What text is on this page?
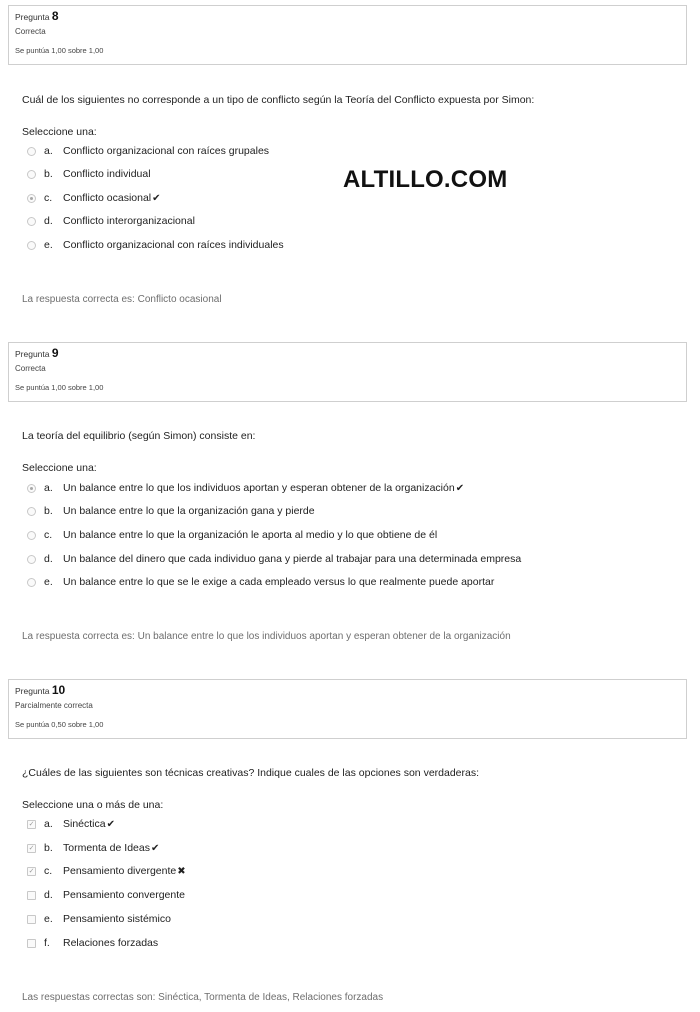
ALTILLO.COM
Pregunta 8
Correcta
Se puntúa 1,00 sobre 1,00
Cuál de los siguientes no corresponde a un tipo de conflicto según la Teoría del Conflicto expuesta por Simon:
Seleccione una:
a. Conflicto organizacional con raíces grupales
b. Conflicto individual
c.	Conflicto ocasional ✔
d. Conflicto interorganizacional
e. Conflicto organizacional con raíces individuales
La respuesta correcta es: Conflicto ocasional
Pregunta 9
Correcta
Se puntúa 1,00 sobre 1,00
La teoría del equilibrio (según Simon) consiste en:
Seleccione una:
a. Un balance entre lo que los individuos aportan y esperan obtener de la organización ✔
b. Un balance entre lo que la organización gana y pierde
c.	Un balance entre lo que la organización le aporta al medio y lo que obtiene de él
d. Un balance del dinero que cada individuo gana y pierde al trabajar para una determinada empresa
e. Un balance entre lo que se le exige a cada empleado versus lo que realmente puede aportar
La respuesta correcta es: Un balance entre lo que los individuos aportan y esperan obtener de la organización
Pregunta 10
Parcialmente correcta
Se puntúa 0,50 sobre 1,00
¿Cuáles de las siguientes son técnicas creativas? Indique cuales de las opciones son verdaderas:
Seleccione una o más de una:
✓ a. Sinéctica ✔
✓ b. Tormenta de Ideas ✔
✓ c.	Pensamiento divergente ✖
d. Pensamiento convergente
e. Pensamiento sistémico
f.	Relaciones forzadas
Las respuestas correctas son: Sinéctica, Tormenta de Ideas, Relaciones forzadas
